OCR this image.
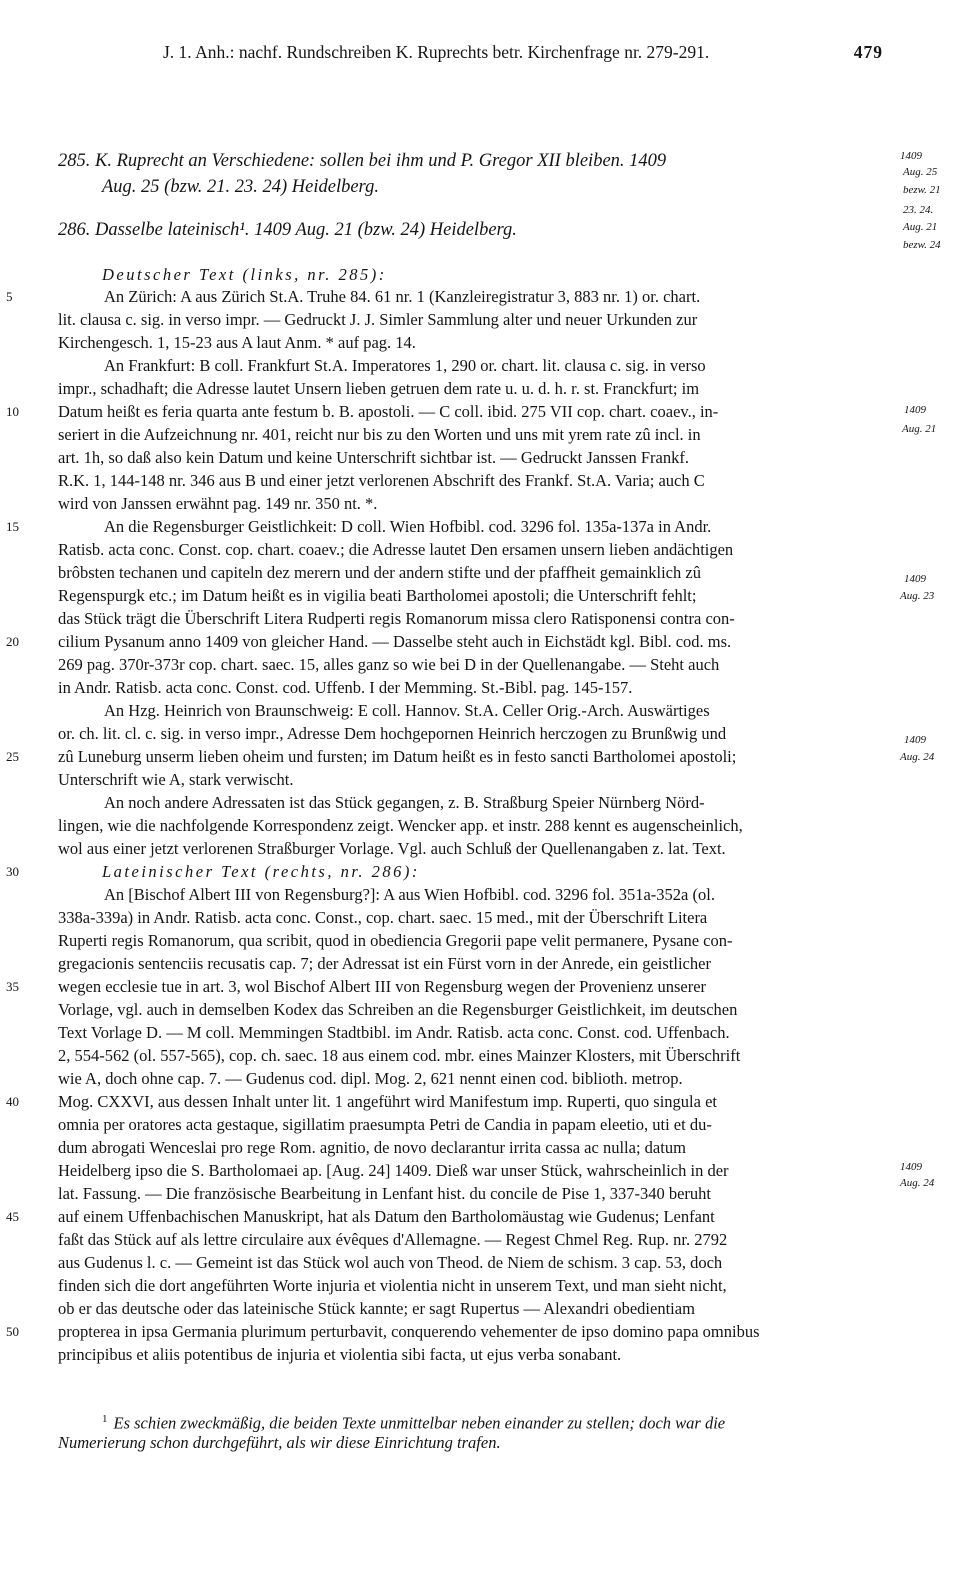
J. 1. Anh.: nachf. Rundschreiben K. Ruprechts betr. Kirchenfrage nr. 279-291.	479
285. K. Ruprecht an Verschiedene: sollen bei ihm und P. Gregor XII bleiben. 1409
Aug. 25 (bzw. 21. 23. 24) Heidelberg.
286. Dasselbe lateinisch¹. 1409 Aug. 21 (bzw. 24) Heidelberg.
Deutscher Text (links, nr. 285):
5	An Zürich: A aus Zürich St.A. Truhe 84. 61 nr. 1 (Kanzleiregistratur 3, 883 nr. 1) or. chart.
lit. clausa c. sig. in verso impr. — Gedruckt J. J. Simler Sammlung alter und neuer Urkunden zur
Kirchengesch. 1, 15-23 aus A laut Anm. * auf pag. 14.
An Frankfurt: B coll. Frankfurt St.A. Imperatores 1, 290 or. chart. lit. clausa c. sig. in verso
impr., schadhaft; die Adresse lautet Unsern lieben getruen dem rate u. u. d. h. r. st. Franckfurt; im
10	Datum heißt es feria quarta ante festum b. B. apostoli. — C coll. ibid. 275 VII cop. chart. coaev., in-
seriert in die Aufzeichnung nr. 401, reicht nur bis zu den Worten und uns mit yrem rate zû incl. in
art. 1h, so daß also kein Datum und keine Unterschrift sichtbar ist. — Gedruckt Janssen Frankf.
R.K. 1, 144-148 nr. 346 aus B und einer jetzt verlorenen Abschrift des Frankf. St.A. Varia; auch C
wird von Janssen erwähnt pag. 149 nr. 350 nt. *.
15	An die Regensburger Geistlichkeit: D coll. Wien Hofbibl. cod. 3296 fol. 135a-137a in Andr.
Ratisb. acta conc. Const. cop. chart. coaev.; die Adresse lautet Den ersamen unsern lieben andächtigen
brôbsten techanen und capiteln dez merern und der andern stifte und der pfaffheit gemainklich zû
Regenspurgk etc.; im Datum heißt es in vigilia beati Bartholomei apostoli; die Unterschrift fehlt;
das Stück trägt die Überschrift Litera Rudperti regis Romanorum missa clero Ratisponensi contra con-
20	cilium Pysanum anno 1409 von gleicher Hand. — Dasselbe steht auch in Eichstädt kgl. Bibl. cod. ms.
269 pag. 370r-373r cop. chart. saec. 15, alles ganz so wie bei D in der Quellenangabe. — Steht auch
in Andr. Ratisb. acta conc. Const. cod. Uffenb. I der Memming. St.-Bibl. pag. 145-157.
An Hzg. Heinrich von Braunschweig: E coll. Hannov. St.A. Celler Orig.-Arch. Auswärtiges
or. ch. lit. cl. c. sig. in verso impr., Adresse Dem hochgepornen Heinrich herczogen zu Brunßwig und
25	zû Luneburg unserm lieben oheim und fursten; im Datum heißt es in festo sancti Bartholomei apostoli;
Unterschrift wie A, stark verwischt.
An noch andere Adressaten ist das Stück gegangen, z. B. Straßburg Speier Nürnberg Nörd-
lingen, wie die nachfolgende Korrespondenz zeigt. Wencker app. et instr. 288 kennt es augenscheinlich,
wol aus einer jetzt verlorenen Straßburger Vorlage. Vgl. auch Schluß der Quellenangaben z. lat. Text.
30	Lateinischer Text (rechts, nr. 286):
An [Bischof Albert III von Regensburg?]: A aus Wien Hofbibl. cod. 3296 fol. 351a-352a (ol.
338a-339a) in Andr. Ratisb. acta conc. Const., cop. chart. saec. 15 med., mit der Überschrift Litera
Ruperti regis Romanorum, qua scribit, quod in obediencia Gregorii pape velit permanere, Pysane con-
gregacionis sentenciis recusatis cap. 7; der Adressat ist ein Fürst vorn in der Anrede, ein geistlicher
35	wegen ecclesie tue in art. 3, wol Bischof Albert III von Regensburg wegen der Provenienz unserer
Vorlage, vgl. auch in demselben Kodex das Schreiben an die Regensburger Geistlichkeit, im deutschen
Text Vorlage D. — M coll. Memmingen Stadtbibl. im Andr. Ratisb. acta conc. Const. cod. Uffenbach.
2, 554-562 (ol. 557-565), cop. ch. saec. 18 aus einem cod. mbr. eines Mainzer Klosters, mit Überschrift
wie A, doch ohne cap. 7. — Gudenus cod. dipl. Mog. 2, 621 nennt einen cod. biblioth. metrop.
40	Mog. CXXVI, aus dessen Inhalt unter lit. 1 angeführt wird Manifestum imp. Ruperti, quo singula et
omnia per oratores acta gestaque, sigillatim praesumpta Petri de Candia in papam eleetio, uti et du-
dum abrogati Wenceslai pro rege Rom. agnitio, de novo declarantur irrita cassa ac nulla; datum
Heidelberg ipso die S. Bartholomaei ap. [Aug. 24] 1409. Dieß war unser Stück, wahrscheinlich in der
lat. Fassung. — Die französische Bearbeitung in Lenfant hist. du concile de Pise 1, 337-340 beruht
45	auf einem Uffenbachischen Manuskript, hat als Datum den Bartholomäustag wie Gudenus; Lenfant
faßt das Stück auf als lettre circulaire aux évêques d'Allemagne. — Regest Chmel Reg. Rup. nr. 2792
aus Gudenus l. c. — Gemeint ist das Stück wol auch von Theod. de Niem de schism. 3 cap. 53, doch
finden sich die dort angeführten Worte injuria et violentia nicht in unserem Text, und man sieht nicht,
ob er das deutsche oder das lateinische Stück kannte; er sagt Rupertus — Alexandri obedientiam
50	propterea in ipsa Germania plurimum perturbavit, conquerendo vehementer de ipso domino papa omnibus
principibus et aliis potentibus de injuria et violentia sibi facta, ut ejus verba sonabant.
1409
Aug. 25
bezw. 21
23. 24.
Aug. 21
bezw. 24
1409
Aug. 21
1409
Aug. 23
1409
Aug. 24
1409
Aug. 24
$^1$ Es schien zweckmäßig, die beiden Texte unmittelbar neben einander zu stellen; doch war die
Numerierung schon durchgeführt, als wir diese Einrichtung trafen.
